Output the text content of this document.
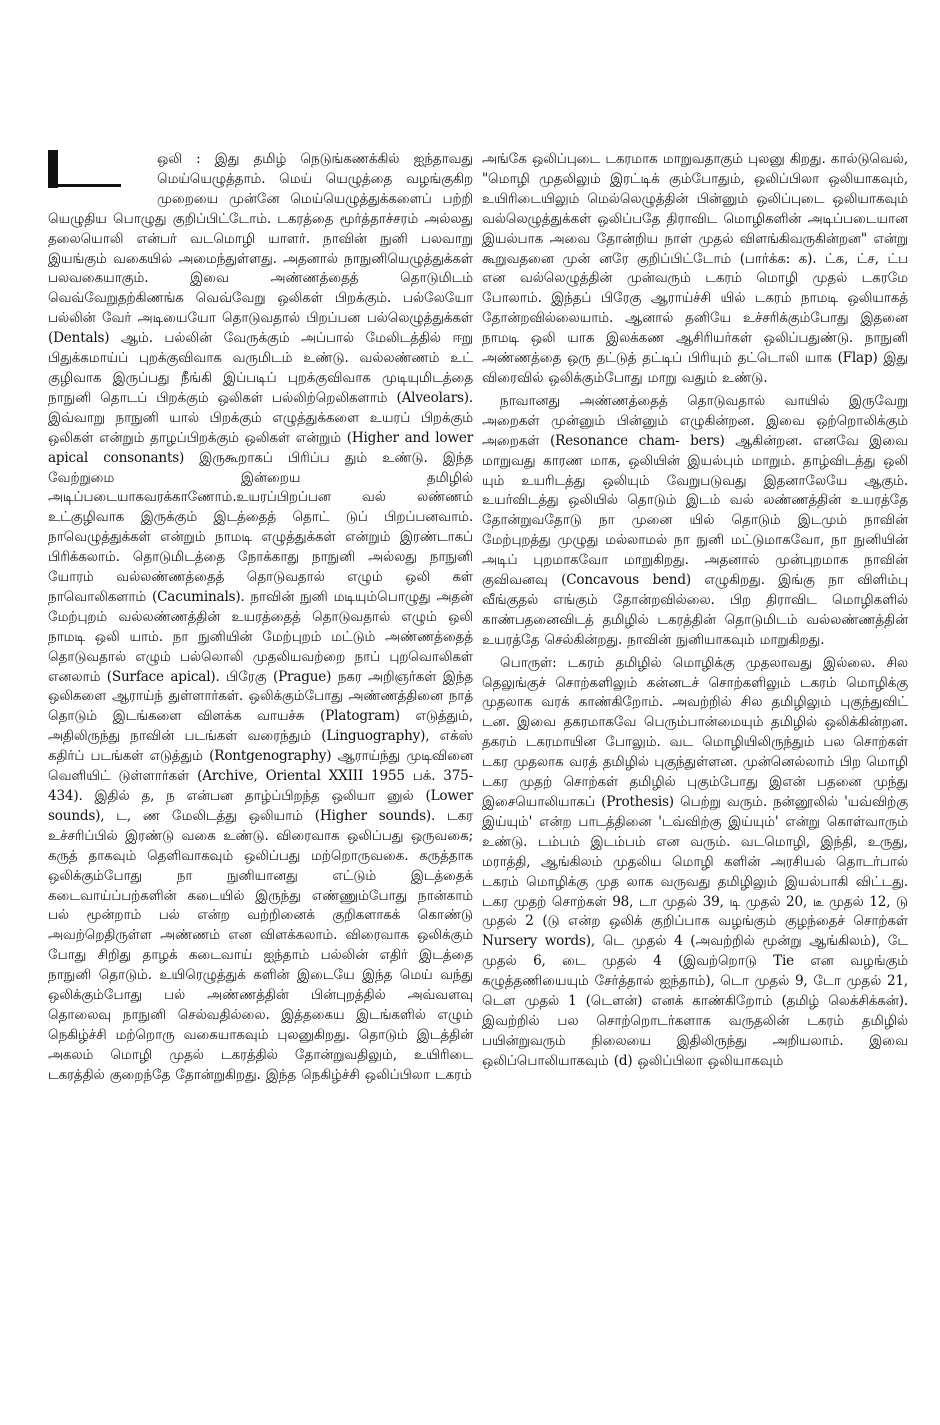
ஒலி : இது தமிழ் நெடுங்கணக்கில் ஐந்தாவது மெய்யெழுத்தாம். மெய் யெழுத்தை வழங்குகிற முறையை முன்னே மெய்யெழுத்துக்களைப் பற்றி யெழுதிய பொழுது குறிப்பிட்டோம். டகரத்தை மூர்த்தாச்சரம் அல்லது தலையொலி என்பர் வடமொழி யாளர். நாவின் நுனி பலவாறு இயங்கும் வகையில் அமைந்துள்ளது. அதனால் நாநுனியெழுத்துக்கள் பலவகையாகும். இவை அண்ணத்தைத் தொடுமிடம் வெவ்வேறுதற்கிணங்க வெவ்வேறு ஒலிகள் பிறக்கும். பல்லேயோ பல்லின் வேர் அடியையோ தொடுவதால் பிறப்பன பல்லெழுத்துக்கள் (Dentals) ஆம். பல்லின் வேருக்கும் அப்பால் மேலிடத்தில் ஈறு பிதுக்கமாய்ப் புறக்குவிவாக வருமிடம் உண்டு. வல்லண்ணம் உட் குழிவாக இருப்பது நீங்கி இப்படிப் புறக்குவிவாக முடியுமிடத்தை நாநுனி தொடப் பிறக்கும் ஒலிகள் பல்லிற்றெலிகளாம் (Alveolars). இவ்வாறு நாநுனி யால் பிறக்கும் எழுத்துக்களை உயரப் பிறக்கும் ஒலிகள் என்றும் தாழப்பிறக்கும் ஒலிகள் என்றும் (Higher and lower apical consonants) இருகூறாகப் பிரிப்ப தும் உண்டு. இந்த வேற்றுமை இன்றைய தமிழில் அடிப்படையாகவரக்காணோம்.உயரப்பிறப்பன வல் லண்ணம் உட்குழிவாக இருக்கும் இடத்தைத் தொட் டுப் பிறப்பனவாம். நாவெழுத்துக்கள் என்றும் நாமடி எழுத்துக்கள் என்றும் இரண்டாகப் பிரிக்கலாம். தொடுமிடத்தை நோக்காது நாநுனி அல்லது நாநுனி யோரம் வல்லண்ணத்தைத் தொடுவதால் எழும் ஒலி கள் நாவொலிகளாம் (Cacuminals). நாவின் நுனி மடியும்பொழுது அதன் மேற்புறம் வல்லண்ணத்தின் உயரத்தைத் தொடுவதால் எழும் ஒலி நாமடி ஒலி யாம். நா நுனியின் மேற்புறம் மட்டும் அண்ணத்தைத் தொடுவதால் எழும் பல்லொலி முதலியவற்றை நாப் புறவொலிகள் எனலாம் (Surface apical). பிரேகு (Prague) நகர அறிஞர்கள் இந்த ஒலிகளை ஆராய்ந் துள்ளார்கள். ஒலிக்கும்போது அண்ணத்தினை நாத் தொடும் இடங்களை விளக்க வாயச்சு (Platogram) எடுத்தும், அதிலிருந்து நாவின் படங்கள் வரைந்தும் (Linguography), எக்ஸ் கதிர்ப் படங்கள் எடுத்தும் (Rontgenography) ஆராய்ந்து முடிவினை வெளியிட் டுள்ளார்கள் (Archive, Oriental XXIII 1955 பக். 375-434). இதில் த, ந என்பன தாழ்ப்பிறந்த ஒலியா னுல் (Lower sounds), ட, ண மேலிடத்து ஒலியாம் (Higher sounds). டகர உச்சரிப்பில் இரண்டு வகை உண்டு. விரைவாக ஒலிப்பது ஒருவகை; கருத் தாகவும் தெளிவாகவும் ஒலிப்பது மற்றொருவகை. கருத்தாக ஒலிக்கும்போது நா நுனியானது எட்டும் இடத்தைக் கடைவாய்ப்பற்களின் கடையில் இருந்து எண்ணும்போது நான்காம் பல் மூன்றாம் பல் என்ற வற்றினைக் குறிகளாகக் கொண்டு அவற்றெதிருள்ள அண்ணம் என விளக்கலாம். விரைவாக ஒலிக்கும் போது சிறிது தாழக் கடைவாய் ஐந்தாம் பல்லின் எதிர் இடத்தை நாநுனி தொடும். உயிரெழுத்துக் களின் இடையே இந்த மெய் வந்து ஒலிக்கும்போது பல் அண்ணத்தின் பின்புறத்தில் அவ்வளவு தொலைவு நாநுனி செல்வதில்லை. இத்தகைய இடங்களில் எழும் நெகிழ்ச்சி மற்றொரு வகையாகவும் புலனுகிறது. தொடும் இடத்தின் அகலம் மொழி முதல் டகரத்தில் தோன்றுவதிலும், உயிரிடை டகரத்தில் குறைந்தே தோன்றுகிறது. இந்த நெகிழ்ச்சி ஒலிப்பிலா டகரம்

அங்கே ஒலிப்புடை டகரமாக மாறுவதாகும் புலனு கிறது. கால்டுவெல், "மொழி முதலிலும் இரட்டிக் கும்போதும், ஒலிப்பிலா ஒலியாகவும், உயிரிடையிலும் மெல்லெழுத்தின் பின்னும் ஒலிப்புடை ஒலியாகவும் வல்லெழுத்துக்கள் ஒலிப்பதே திராவிட மொழிகளின் அடிப்படையான இயல்பாக அவை தோன்றிய நாள் முதல் விளங்கிவருகின்றன" என்று கூறுவதனை முன் னரே குறிப்பிட்டோம் (பார்க்க: க). ட்க, ட்ச, ட்ப என வல்லெழுத்தின் முன்வரும் டகரம் மொழி முதல் டகரமே போலாம். இந்தப் பிரேகு ஆராய்ச்சி யில் டகரம் நாமடி ஒலியாகத் தோன்றவில்லையாம். ஆனால் தனியே உச்சரிக்கும்போது இதனை நாமடி ஒலி யாக இலக்கண ஆசிரியர்கள் ஒலிப்பதுண்டு. நாநுனி அண்ணத்தை ஒரு தட்டுத் தட்டிப் பிரியும் தட்டொலி யாக (Flap) இது விரைவில் ஒலிக்கும்போது மாறு வதும் உண்டு.

நாவானது அண்ணத்தைத் தொடுவதால் வாயில் இருவேறு அறைகள் முன்னும் பின்னும் எழுகின்றன. இவை ஒற்றொலிக்கும் அறைகள் (Resonance cham- bers) ஆகின்றன. எனவே இவை மாறுவது காரண மாக, ஒலியின் இயல்பும் மாறும். தாழ்விடத்து ஒலி யும் உயரிடத்து ஒலியும் வேறுபடுவது இதனாலேயே ஆகும். உயர்விடத்து ஒலியில் தொடும் இடம் வல் லண்ணத்தின் உயரத்தே தோன்றுவதோடு நா முனை யில் தொடும் இடமும் நாவின் மேற்புறத்து முழுது மல்லாமல் நா நுனி மட்டுமாகவோ, நா நுனியின் அடிப் புறமாகவோ மாறுகிறது. அதனால் முன்புறமாக நாவின் குவிவனவு (Concavous bend) எழுகிறது. இங்கு நா விளிம்பு வீங்குதல் எங்கும் தோன்றவில்லை. பிற திராவிட மொழிகளில் காண்பதனைவிடத் தமிழில் டகரத்தின் தொடுமிடம் வல்லண்ணத்தின் உயரத்தே செல்கின்றது. நாவின் நுனியாகவும் மாறுகிறது.

பொருள்: டகரம் தமிழில் மொழிக்கு முதலாவது இல்லை. சில தெலுங்குச் சொற்களிலும் கன்னடச் சொற்களிலும் டகரம் மொழிக்கு முதலாக வரக் காண்கிறோம். அவற்றில் சில தமிழிலும் புகுந்துவிட் டன. இவை தகரமாகவே பெரும்பான்மையும் தமிழில் ஒலிக்கின்றன. தகரம் டகரமாயின போலும். வட மொழியிலிருந்தும் பல சொற்கள் டகர முதலாக வரத் தமிழில் புகுந்துள்ளன. முன்னெல்லாம் பிற மொழி டகர முதற் சொற்கள் தமிழில் புகும்போது இஎன் பதனை முந்து இசையொலியாகப் (Prothesis) பெற்று வரும். நன்னூலில் 'யவ்விற்கு இய்யும்' என்ற பாடத்தினை 'டவ்விற்கு இய்யும்' என்று கொள்வாரும் உண்டு. டம்பம் இடம்பம் என வரும். வடமொழி, இந்தி, உருது, மராத்தி, ஆங்கிலம் முதலிய மொழி களின் அரசியல் தொடர்பால் டகரம் மொழிக்கு முத லாக வருவது தமிழிலும் இயல்பாகி விட்டது. டகர முதற் சொற்கள் 98, டா முதல் 39, டி முதல் 20, டீ முதல் 12, டு முதல் 2 (டு என்ற ஒலிக் குறிப்பாக வழங்கும் குழந்தைச் சொற்கள் Nursery words), டெ முதல் 4 (அவற்றில் மூன்று ஆங்கிலம்), டே முதல் 6, டை முதல் 4 (இவற்றொடு Tie என வழங்கும் கழுத்தணியையும் சேர்த்தால் ஐந்தாம்), டொ முதல் 9, டோ முதல் 21, டௌ முதல் 1 (டௌன்) எனக் காண்கிறோம் (தமிழ் லெக்சிக்கன்). இவற்றில் பல சொற்றொடர்களாக வருதலின் டகரம் தமிழில் பயின்றுவரும் நிலையை இதிலிருந்து அறியலாம். இவை ஒலிப்பொலியாகவும் (d) ஒலிப்பிலா ஒலியாகவும்
